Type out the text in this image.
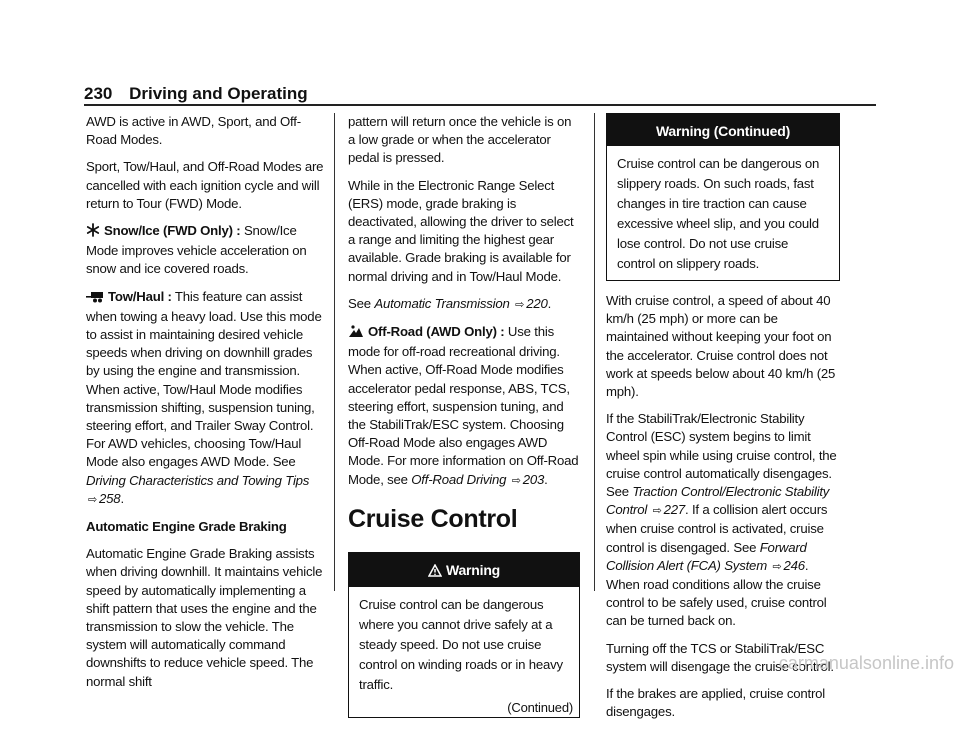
230 Driving and Operating

AWD is active in AWD, Sport, and Off-Road Modes.

Sport, Tow/Haul, and Off-Road Modes are cancelled with each ignition cycle and will return to Tour (FWD) Mode.

Snow/Ice (FWD Only) : Snow/Ice Mode improves vehicle acceleration on snow and ice covered roads.

Tow/Haul : This feature can assist when towing a heavy load. Use this mode to assist in maintaining desired vehicle speeds when driving on downhill grades by using the engine and transmission. When active, Tow/Haul Mode modifies transmission shifting, suspension tuning, steering effort, and Trailer Sway Control. For AWD vehicles, choosing Tow/Haul Mode also engages AWD Mode. See Driving Characteristics and Towing Tips ⇨ 258.

Automatic Engine Grade Braking

Automatic Engine Grade Braking assists when driving downhill. It maintains vehicle speed by automatically implementing a shift pattern that uses the engine and the transmission to slow the vehicle. The system will automatically command downshifts to reduce vehicle speed. The normal shift

pattern will return once the vehicle is on a low grade or when the accelerator pedal is pressed.

While in the Electronic Range Select (ERS) mode, grade braking is deactivated, allowing the driver to select a range and limiting the highest gear available. Grade braking is available for normal driving and in Tow/Haul Mode.

See Automatic Transmission ⇨ 220.

Off-Road (AWD Only) : Use this mode for off-road recreational driving. When active, Off-Road Mode modifies accelerator pedal response, ABS, TCS, steering effort, suspension tuning, and the StabiliTrak/ESC system. Choosing Off-Road Mode also engages AWD Mode. For more information on Off-Road Mode, see Off-Road Driving ⇨ 203.

Cruise Control
Warning
Cruise control can be dangerous where you cannot drive safely at a steady speed. Do not use cruise control on winding roads or in heavy traffic.
(Continued)
Warning (Continued)
Cruise control can be dangerous on slippery roads. On such roads, fast changes in tire traction can cause excessive wheel slip, and you could lose control. Do not use cruise control on slippery roads.

With cruise control, a speed of about 40 km/h (25 mph) or more can be maintained without keeping your foot on the accelerator. Cruise control does not work at speeds below about 40 km/h (25 mph).

If the StabiliTrak/Electronic Stability Control (ESC) system begins to limit wheel spin while using cruise control, the cruise control automatically disengages. See Traction Control/Electronic Stability Control ⇨ 227. If a collision alert occurs when cruise control is activated, cruise control is disengaged. See Forward Collision Alert (FCA) System ⇨ 246. When road conditions allow the cruise control to be safely used, cruise control can be turned back on.

Turning off the TCS or StabiliTrak/ESC system will disengage the cruise control.

If the brakes are applied, cruise control disengages.

carmanualsonline.info
